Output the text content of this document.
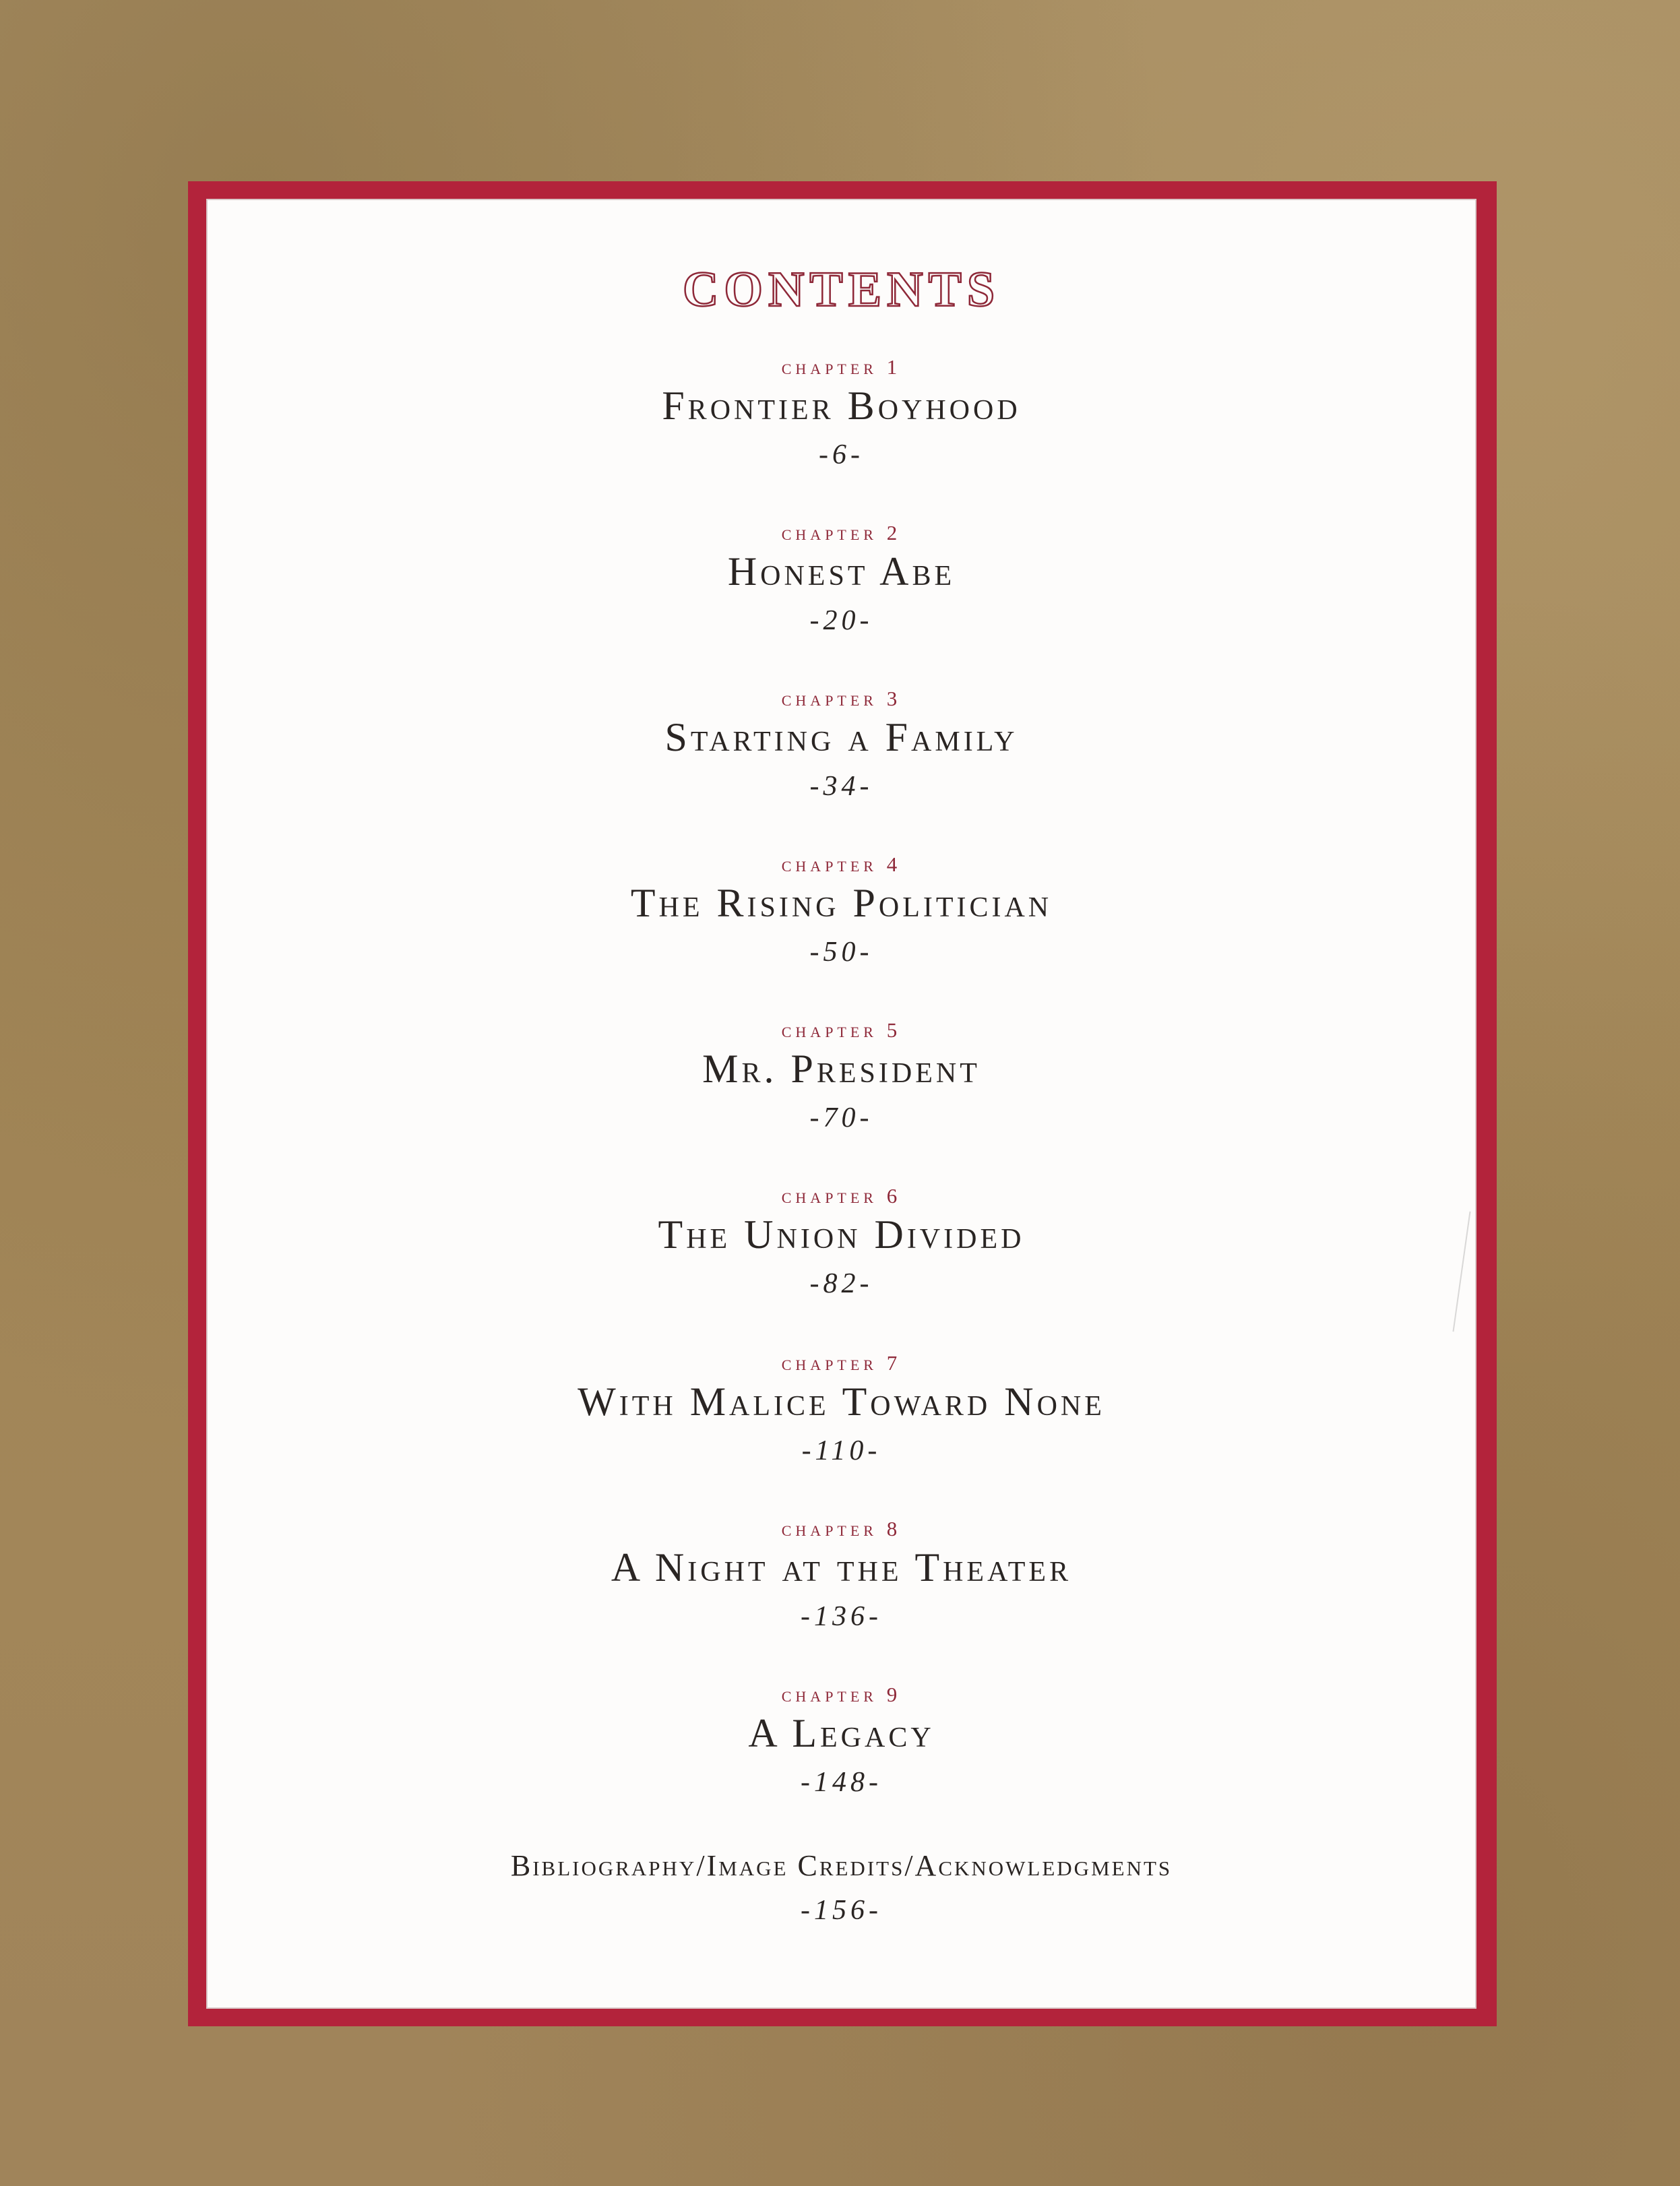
CONTENTS
chapter 1
Frontier Boyhood
-6-
chapter 2
Honest Abe
-20-
chapter 3
Starting a Family
-34-
chapter 4
The Rising Politician
-50-
chapter 5
Mr. President
-70-
chapter 6
The Union Divided
-82-
chapter 7
With Malice Toward None
-110-
chapter 8
A Night at the Theater
-136-
chapter 9
A Legacy
-148-
Bibliography/Image Credits/Acknowledgments
-156-
